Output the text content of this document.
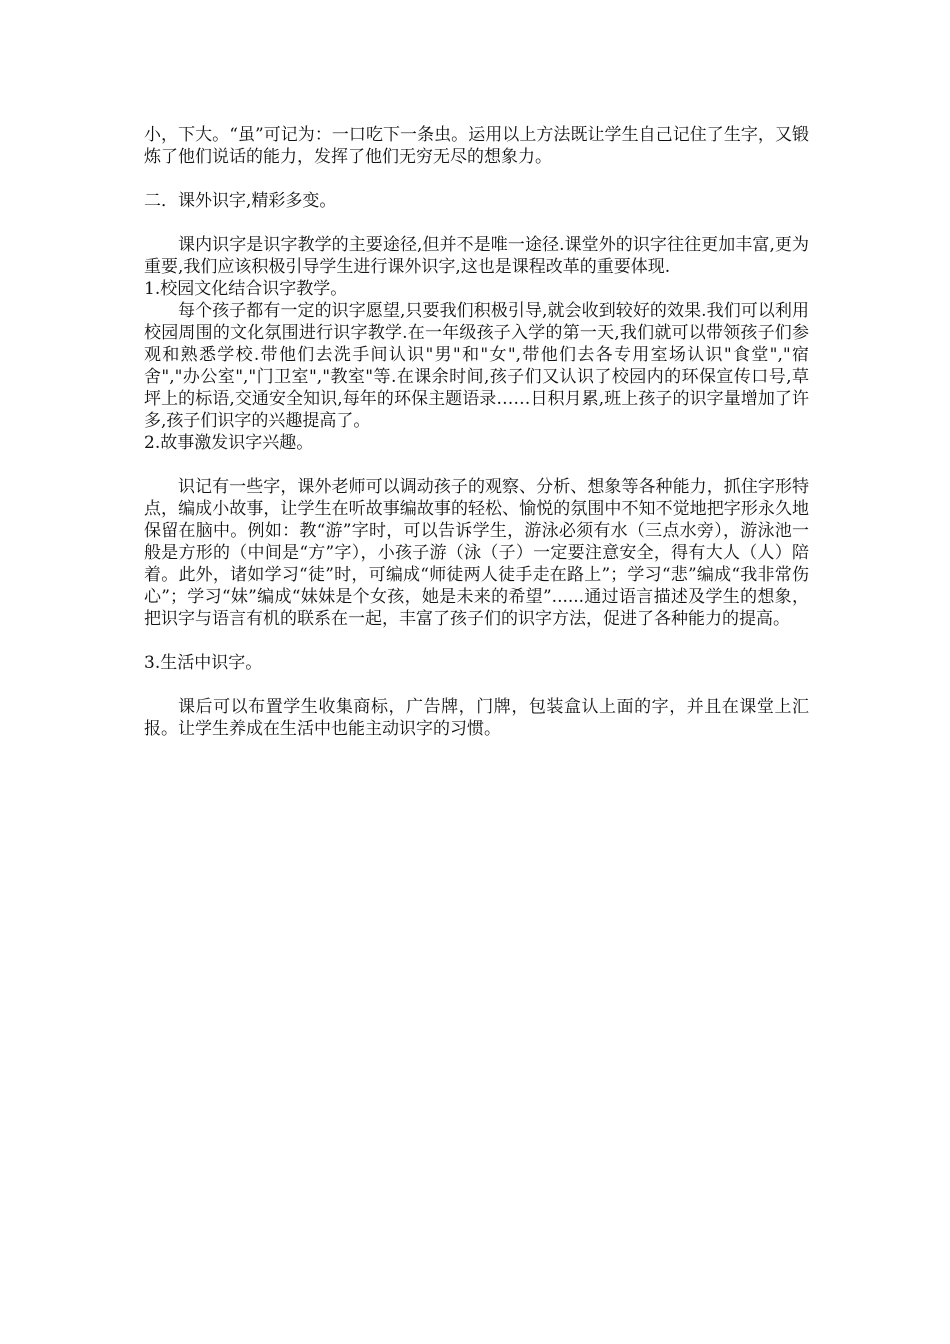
小，下大。“虽”可记为：一口吃下一条虫。运用以上方法既让学生自己记住了生字，又锻炼了他们说话的能力，发挥了他们无穷无尽的想象力。

二．课外识字,精彩多变。

课内识字是识字教学的主要途径,但并不是唯一途径.课堂外的识字往往更加丰富,更为重要,我们应该积极引导学生进行课外识字,这也是课程改革的重要体现.

1.校园文化结合识字教学。

每个孩子都有一定的识字愿望,只要我们积极引导,就会收到较好的效果.我们可以利用校园周围的文化氛围进行识字教学.在一年级孩子入学的第一天,我们就可以带领孩子们参观和熟悉学校.带他们去洗手间认识"男"和"女",带他们去各专用室场认识"食堂","宿舍","办公室","门卫室","教室"等.在课余时间,孩子们又认识了校园内的环保宣传口号,草坪上的标语,交通安全知识,每年的环保主题语录……日积月累,班上孩子的识字量增加了许多,孩子们识字的兴趣提高了。

2.故事激发识字兴趣。

识记有一些字，课外老师可以调动孩子的观察、分析、想象等各种能力，抓住字形特点，编成小故事，让学生在听故事编故事的轻松、愉悦的氛围中不知不觉地把字形永久地保留在脑中。例如：教“游”字时，可以告诉学生，游泳必须有水（三点水旁），游泳池一般是方形的（中间是“方”字），小孩子游（泳（子）一定要注意安全，得有大人（人）陪着。此外，诸如学习“徒”时，可编成“师徒两人徒手走在路上”；学习“悲”编成“我非常伤心”；学习“妹”编成“妹妹是个女孩，她是未来的希望”......通过语言描述及学生的想象，把识字与语言有机的联系在一起，丰富了孩子们的识字方法，促进了各种能力的提高。

3.生活中识字。

课后可以布置学生收集商标，广告牌，门牌，包装盒认上面的字，并且在课堂上汇报。让学生养成在生活中也能主动识字的习惯。
